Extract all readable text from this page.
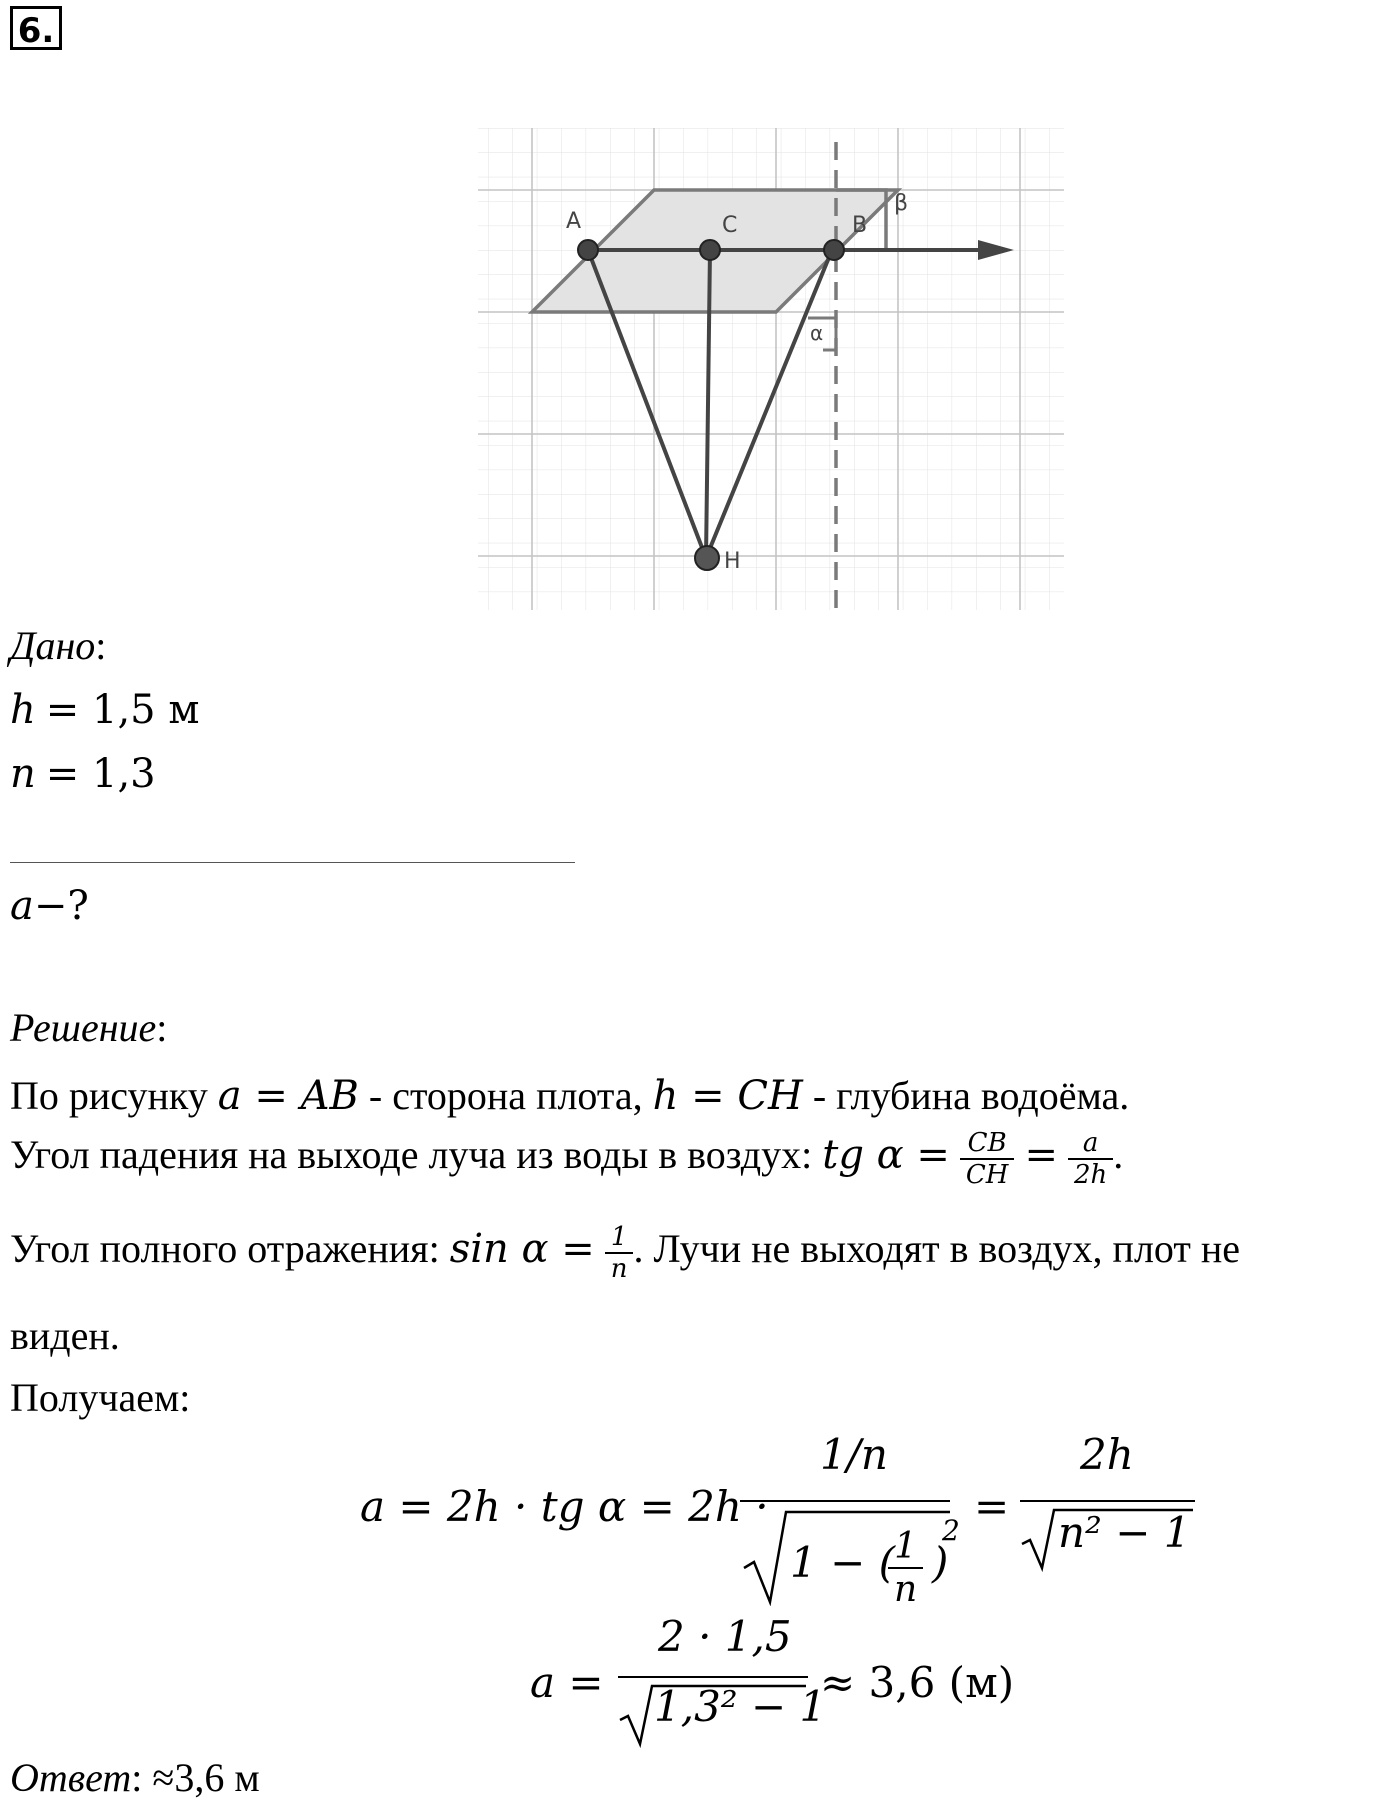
6.
A	C	B
H
α
β
Дано:
h = 1,5 м
n = 1,3
a−?
Решение:
По рисунку a = AB - сторона плота, h = CH - глубина водоёма.
Угол падения на выходе луча из воды в воздух: tg $\alpha = \frac{CB}{CH} = \frac{a}{2h}$ .
Угол полного отражения: $\sin \alpha = \frac{1}{n}$ . Лучи не выходят в воздух, плот не
виден.
Получаем:
a = 2h · tg α = 2h ·
1/n
1 − (
$\frac{1}{n}$ )
2 =
2h
n² − 1
a =
2 · 1,5
1,3² − 1
≈ 3,6 (м)
Ответ: ≈3,6 м
